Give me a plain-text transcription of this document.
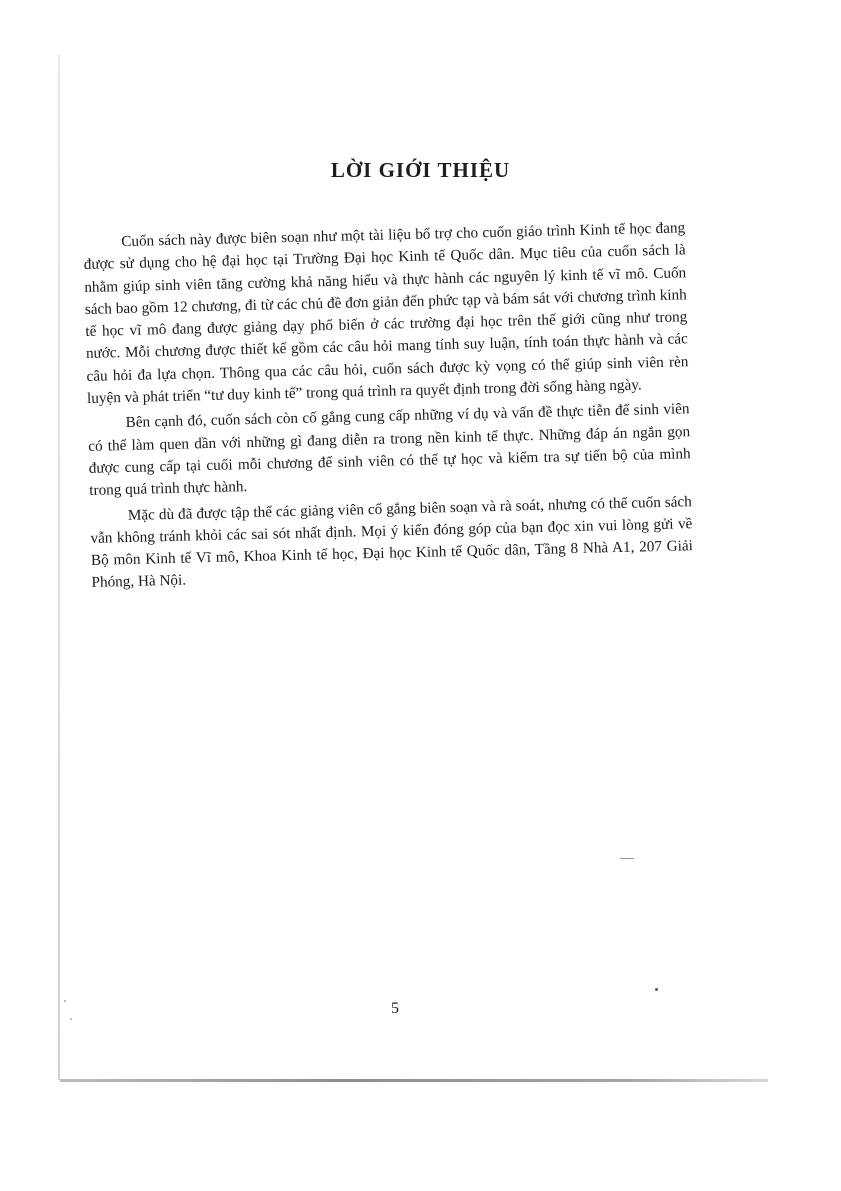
LỜI GIỚI THIỆU

Cuốn sách này được biên soạn như một tài liệu bổ trợ cho cuốn giáo trình Kinh tế học đang được sử dụng cho hệ đại học tại Trường Đại học Kinh tế Quốc dân. Mục tiêu của cuốn sách là nhằm giúp sinh viên tăng cường khả năng hiểu và thực hành các nguyên lý kinh tế vĩ mô. Cuốn sách bao gồm 12 chương, đi từ các chủ đề đơn giản đến phức tạp và bám sát với chương trình kinh tế học vĩ mô đang được giảng dạy phổ biến ở các trường đại học trên thế giới cũng như trong nước. Mỗi chương được thiết kế gồm các câu hỏi mang tính suy luận, tính toán thực hành và các câu hỏi đa lựa chọn. Thông qua các câu hỏi, cuốn sách được kỳ vọng có thể giúp sinh viên rèn luyện và phát triển “tư duy kinh tế” trong quá trình ra quyết định trong đời sống hàng ngày.

Bên cạnh đó, cuốn sách còn cố gắng cung cấp những ví dụ và vấn đề thực tiễn để sinh viên có thể làm quen dần với những gì đang diễn ra trong nền kinh tế thực. Những đáp án ngắn gọn được cung cấp tại cuối mỗi chương để sinh viên có thể tự học và kiểm tra sự tiến bộ của mình trong quá trình thực hành.

Mặc dù đã được tập thể các giảng viên cố gắng biên soạn và rà soát, nhưng có thể cuốn sách vẫn không tránh khỏi các sai sót nhất định. Mọi ý kiến đóng góp của bạn đọc xin vui lòng gửi về Bộ môn Kinh tế Vĩ mô, Khoa Kinh tế học, Đại học Kinh tế Quốc dân, Tầng 8 Nhà A1, 207 Giải Phóng, Hà Nội.

5
